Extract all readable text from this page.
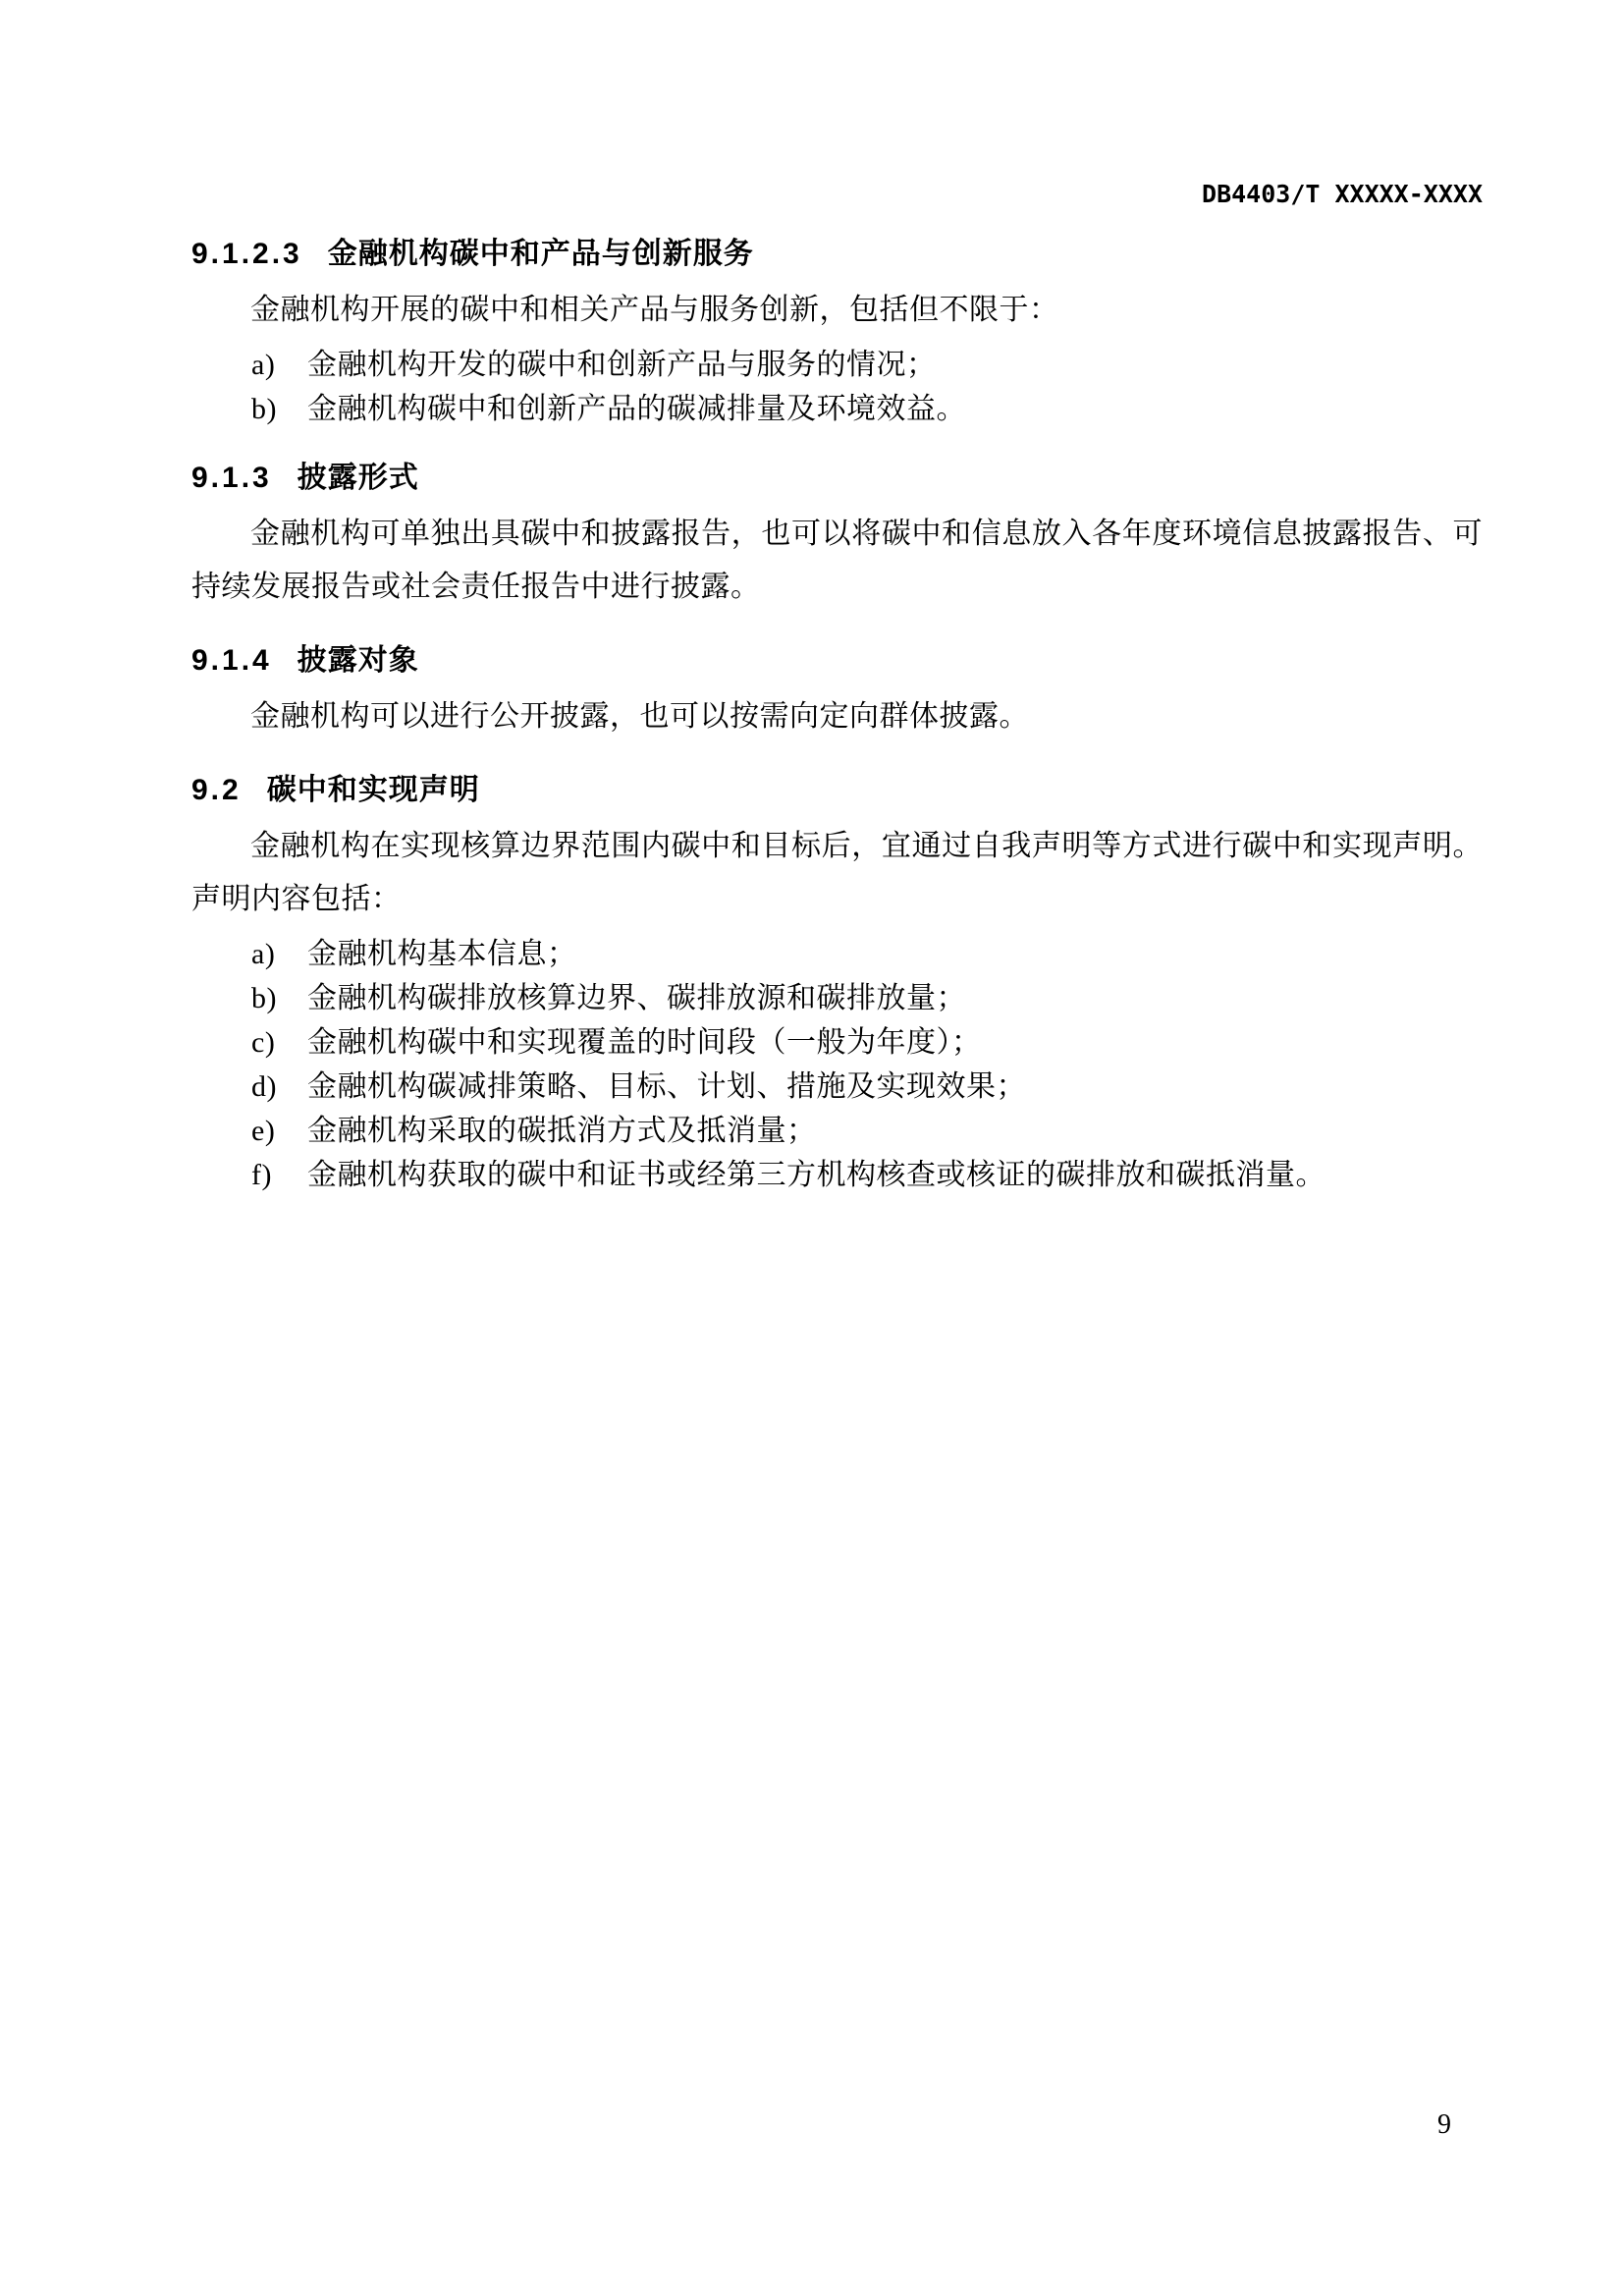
DB4403/T XXXXX-XXXX
9.1.2.3 金融机构碳中和产品与创新服务

金融机构开展的碳中和相关产品与服务创新，包括但不限于：

a) 金融机构开发的碳中和创新产品与服务的情况；
b) 金融机构碳中和创新产品的碳减排量及环境效益。
9.1.3 披露形式

金融机构可单独出具碳中和披露报告，也可以将碳中和信息放入各年度环境信息披露报告、可持续发展报告或社会责任报告中进行披露。

9.1.4 披露对象

金融机构可以进行公开披露，也可以按需向定向群体披露。

9.2 碳中和实现声明

金融机构在实现核算边界范围内碳中和目标后，宜通过自我声明等方式进行碳中和实现声明。声明内容包括：

a) 金融机构基本信息；
b) 金融机构碳排放核算边界、碳排放源和碳排放量；
c) 金融机构碳中和实现覆盖的时间段（一般为年度）；
d) 金融机构碳减排策略、目标、计划、措施及实现效果；
e) 金融机构采取的碳抵消方式及抵消量；
f) 金融机构获取的碳中和证书或经第三方机构核查或核证的碳排放和碳抵消量。
9
